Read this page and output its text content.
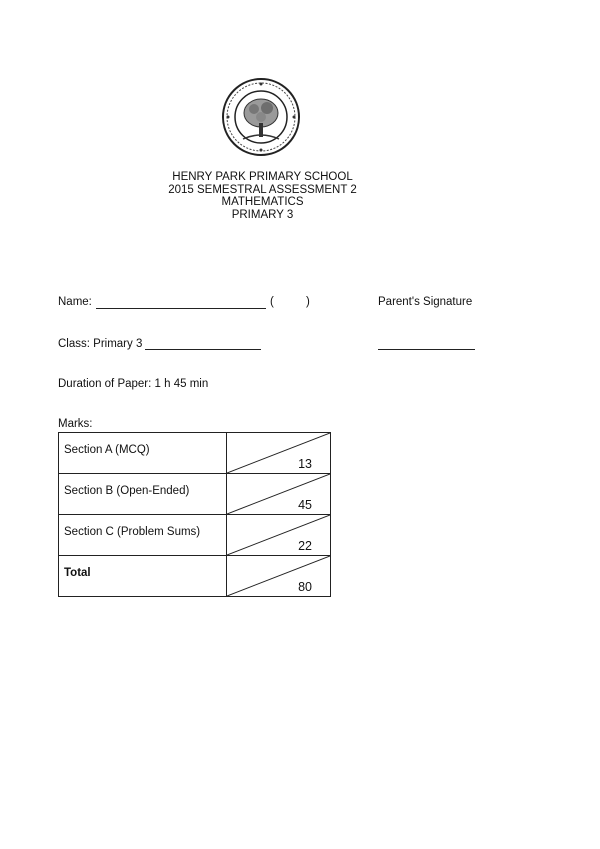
HENRY PARK PRIMARY SCHOOL
2015 SEMESTRAL ASSESSMENT 2
MATHEMATICS
PRIMARY 3
Name:	(	)	Parent's Signature
Class: Primary 3
Duration of Paper: 1 h 45 min
Marks:
Section A (MCQ)	13

Section B (Open-Ended)	45

Section C (Problem Sums)	22

Total	80
